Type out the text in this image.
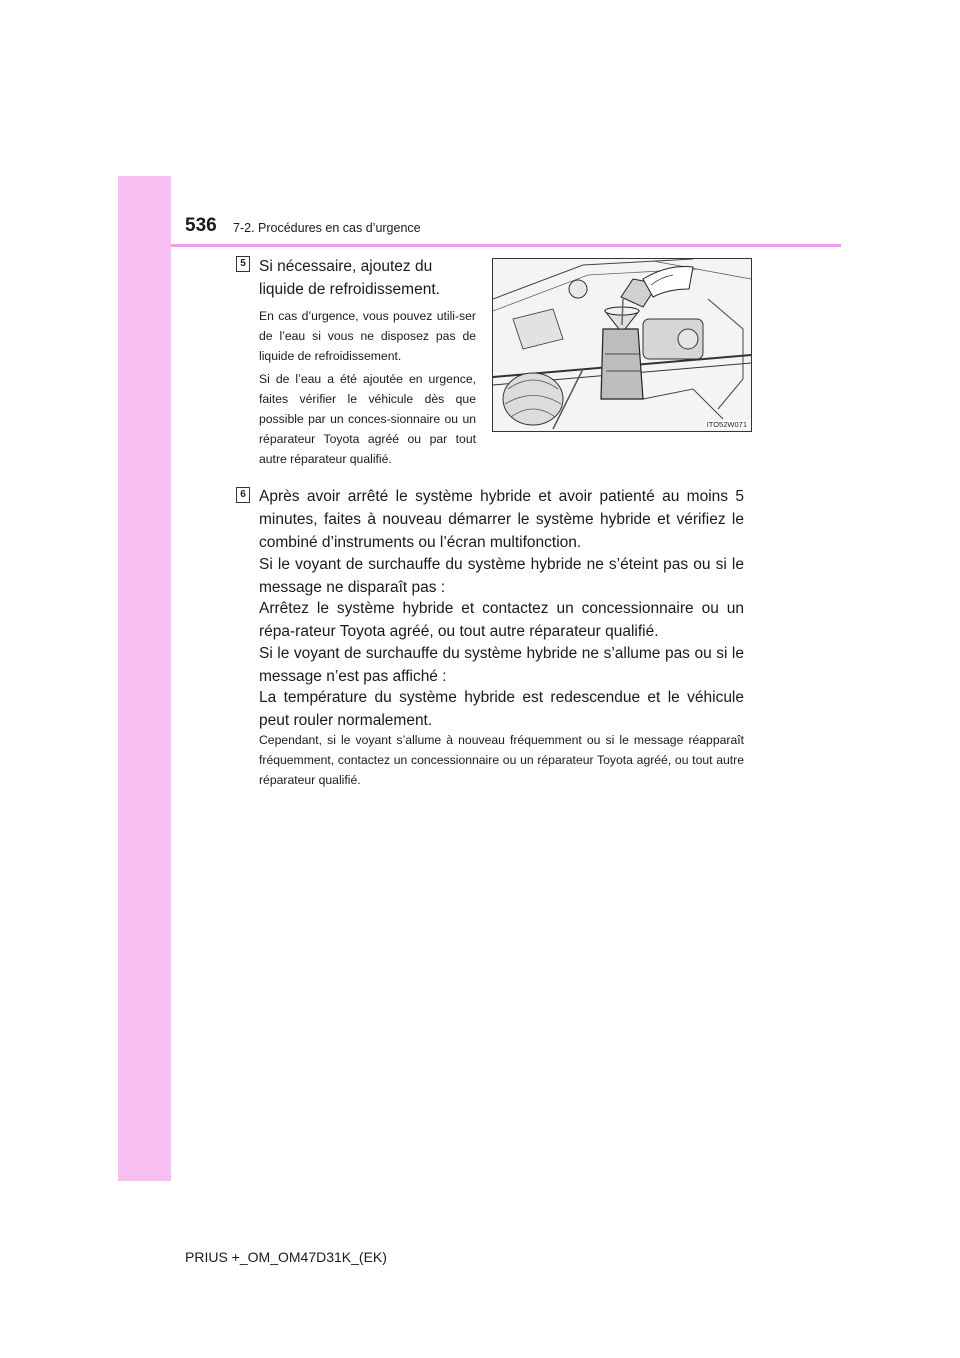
536 7-2. Procédures en cas d’urgence
5 Si nécessaire, ajoutez du liquide de refroidissement.

En cas d’urgence, vous pouvez utili-ser de l’eau si vous ne disposez pas de liquide de refroidissement.

Si de l’eau a été ajoutée en urgence, faites vérifier le véhicule dès que possible par un conces-sionnaire ou un réparateur Toyota agréé ou par tout autre réparateur qualifié.

ITO52W071
6 Après avoir arrêté le système hybride et avoir patienté au moins 5 minutes, faites à nouveau démarrer le système hybride et vérifiez le combiné d’instruments ou l’écran multifonction.

Si le voyant de surchauffe du système hybride ne s’éteint pas ou si le message ne disparaît pas :

Arrêtez le système hybride et contactez un concessionnaire ou un répa-rateur Toyota agréé, ou tout autre réparateur qualifié.

Si le voyant de surchauffe du système hybride ne s’allume pas ou si le message n’est pas affiché :

La température du système hybride est redescendue et le véhicule peut rouler normalement.

Cependant, si le voyant s’allume à nouveau fréquemment ou si le message réapparaît fréquemment, contactez un concessionnaire ou un réparateur Toyota agréé, ou tout autre réparateur qualifié.

PRIUS +_OM_OM47D31K_(EK)
